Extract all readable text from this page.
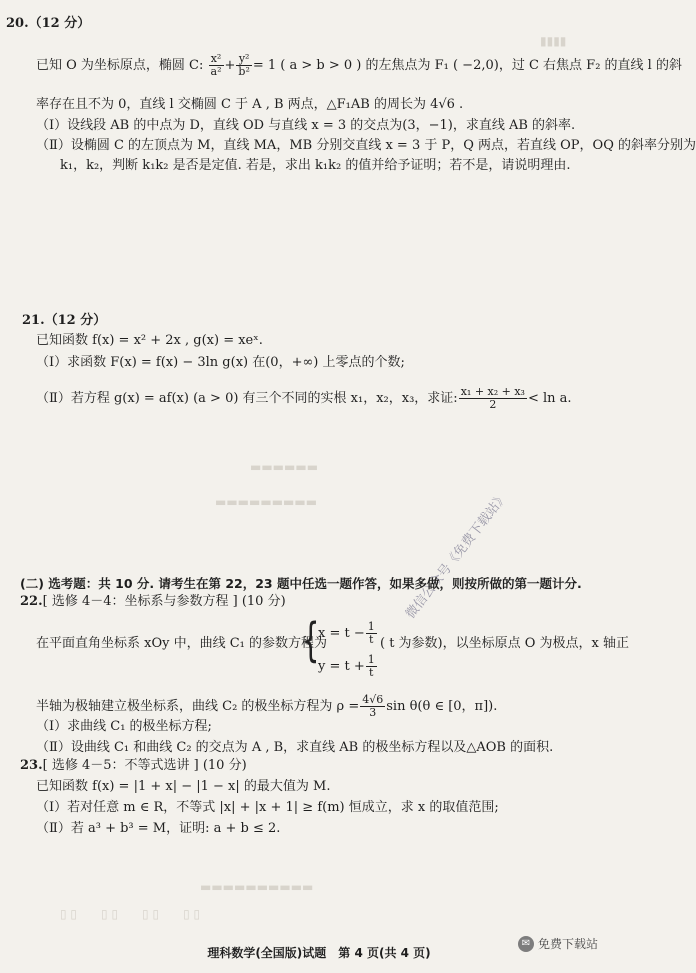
▮▮▮▮
20.（12 分）
已知 O 为坐标原点，椭圆 C: $\frac{\text{x²}}{\text{a²}} + \frac{\text{y²}}{\text{b²}} = 1$ ( a > b > 0 ) 的左焦点为 F₁ ( −2,0)，过 C 右焦点 F₂ 的直线 l 的斜
率存在且不为 0，直线 l 交椭圆 C 于 A , B 两点，△F₁AB 的周长为 4√6 .
（Ⅰ）设线段 AB 的中点为 D，直线 OD 与直线 x = 3 的交点为(3，−1)，求直线 AB 的斜率.
（Ⅱ）设椭圆 C 的左顶点为 M，直线 MA，MB 分别交直线 x = 3 于 P，Q 两点，若直线 OP，OQ 的斜率分别为
k₁，k₂，判断 k₁k₂ 是否是定值. 若是，求出 k₁k₂ 的值并给予证明；若不是，请说明理由.
21.（12 分）
已知函数 f(x) = x² + 2x , g(x) = xeˣ.
（Ⅰ）求函数 F(x) = f(x) − 3ln g(x) 在(0，+∞) 上零点的个数;
（Ⅱ）若方程 g(x) = af(x) (a > 0) 有三个不同的实根 x₁，x₂，x₃，求证: $\frac{\text{x₁ + x₂ + x₃}}{2} < \ln a$.
▬▬▬▬▬▬
▬▬▬▬▬▬▬▬▬	微信公众号《免费下载站》
(二) 选考题：共 10 分. 请考生在第 22，23 题中任选一题作答，如果多做，则按所做的第一题计分.
22.[ 选修 4－4：坐标系与参数方程 ] (10 分)
在平面直角坐标系 xOy 中，曲线 C₁ 的参数方程为
{
$x = t - \frac{1}{t}$
$y = t + \frac{1}{t}$
( t 为参数)，以坐标原点 O 为极点，x 轴正
半轴为极轴建立极坐标系，曲线 C₂ 的极坐标方程为 $\rho = \frac{4√6}{3}$ sin θ(θ ∈ [0，π]).
（Ⅰ）求曲线 C₁ 的极坐标方程;
（Ⅱ）设曲线 C₁ 和曲线 C₂ 的交点为 A , B，求直线 AB 的极坐标方程以及△AOB 的面积.
23.[ 选修 4－5：不等式选讲 ] (10 分)
已知函数 f(x) = |1 + x| − |1 − x| 的最大值为 M.
（Ⅰ）若对任意 m ∈ R，不等式 |x| + |x + 1| ≥ f(m) 恒成立，求 x 的取值范围;
（Ⅱ）若 a³ + b³ = M，证明: a + b ≤ 2.
▬▬▬▬▬▬▬▬▬▬
▯ ▯　　▯ ▯　　▯ ▯　　▯ ▯
理科数学(全国版)试题　第 4 页(共 4 页)
✉ 免费下载站
